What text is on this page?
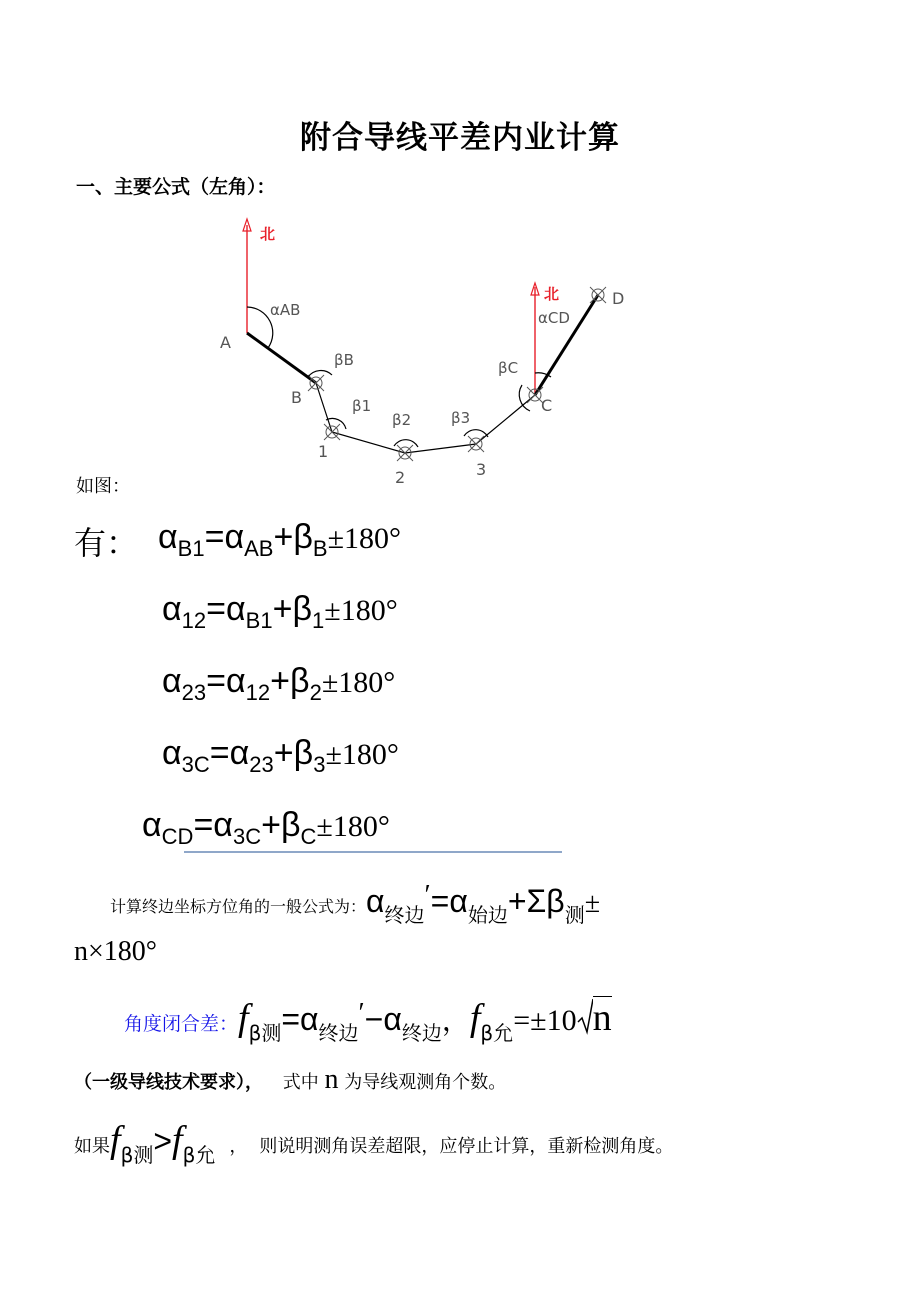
附合导线平差内业计算
一、主要公式（左角）：
北
北
A
B
1
2	3
C
D
αAB	αCD
βB
β1
β2	β3
βC
如图：
有： $\alpha_{B1}=\alpha_{AB}+\beta_B\pm 180^\circ$
$\alpha_{12}=\alpha_{B1}+\beta_1\pm 180^\circ$
$\alpha_{23}=\alpha_{12}+\beta_2\pm 180^\circ$
$\alpha_{3C}=\alpha_{23}+\beta_3\pm 180^\circ$
$\alpha_{CD}=\alpha_{3C}+\beta_C\pm 180^\circ$
计算终边坐标方位角的一般公式为：α终边′=α始边+Σβ测±
n×180°
角度闭合差：fβ测=α终边′−α终边，fβ允=±10 n
（一级导线技术要求）， 式中 n 为导线观测角个数。
如果fβ测>fβ允 ， 则说明测角误差超限，应停止计算，重新检测角度。
